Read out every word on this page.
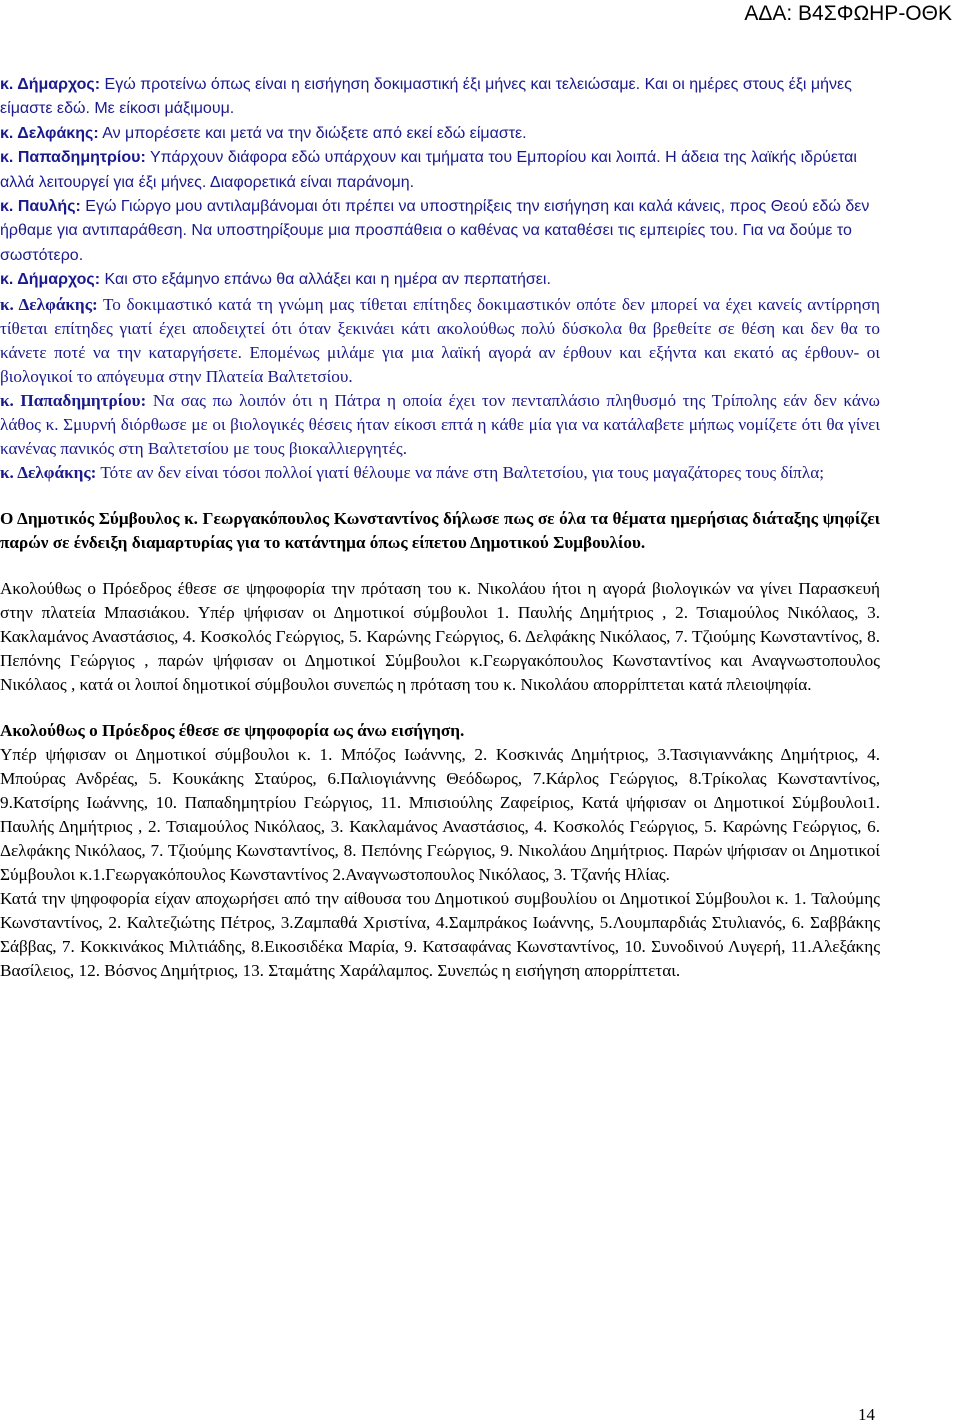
ΑΔΑ: Β4ΣΦΩΗΡ-ΟΘΚ

κ. Δήμαρχος: Εγώ προτείνω όπως είναι η εισήγηση δοκιμαστική έξι μήνες και τελειώσαμε. Και οι ημέρες στους έξι μήνες είμαστε εδώ. Με είκοσι μάξιμουμ.

κ. Δελφάκης: Αν μπορέσετε και μετά να την διώξετε από εκεί εδώ είμαστε.

κ. Παπαδημητρίου: Υπάρχουν διάφορα εδώ υπάρχουν και τμήματα του Εμπορίου και λοιπά. Η άδεια της λαϊκής ιδρύεται αλλά λειτουργεί για έξι μήνες. Διαφορετικά είναι παράνομη.

κ. Παυλής: Εγώ Γιώργο μου αντιλαμβάνομαι ότι πρέπει να υποστηρίξεις την εισήγηση και καλά κάνεις, προς Θεού εδώ δεν ήρθαμε για αντιπαράθεση. Να υποστηρίξουμε μια προσπάθεια ο καθένας να καταθέσει τις εμπειρίες του. Για να δούμε το σωστότερο.

κ. Δήμαρχος: Και στο εξάμηνο επάνω θα αλλάξει και η ημέρα αν περπατήσει.

κ. Δελφάκης: Το δοκιμαστικό κατά τη γνώμη μας τίθεται επίτηδες δοκιμαστικόν οπότε δεν μπορεί να έχει κανείς αντίρρηση τίθεται επίτηδες γιατί έχει αποδειχτεί ότι όταν ξεκινάει κάτι ακολούθως πολύ δύσκολα θα βρεθείτε σε θέση και δεν θα το κάνετε ποτέ να την καταργήσετε. Επομένως μιλάμε για μια λαϊκή αγορά αν έρθουν και εξήντα και εκατό ας έρθουν- οι βιολογικοί το απόγευμα στην Πλατεία Βαλτετσίου.

κ. Παπαδημητρίου: Να σας πω λοιπόν ότι η Πάτρα η οποία έχει τον πενταπλάσιο πληθυσμό της Τρίπολης εάν δεν κάνω λάθος κ. Σμυρνή διόρθωσε με οι βιολογικές θέσεις ήταν είκοσι επτά η κάθε μία για να κατάλαβετε μήπως νομίζετε ότι θα γίνει κανένας πανικός στη Βαλτετσίου με τους βιοκαλλιεργητές.

κ. Δελφάκης: Τότε αν δεν είναι τόσοι πολλοί γιατί θέλουμε να πάνε στη Βαλτετσίου, για τους μαγαζάτορες τους δίπλα;

Ο Δημοτικός Σύμβουλος κ. Γεωργακόπουλος Κωνσταντίνος δήλωσε πως σε όλα τα θέματα ημερήσιας διάταξης ψηφίζει παρών σε ένδειξη διαμαρτυρίας για το κατάντημα όπως είπετου Δημοτικού Συμβουλίου.

Ακολούθως ο Πρόεδρος έθεσε σε ψηφοφορία την πρόταση του κ. Νικολάου ήτοι η αγορά βιολογικών να γίνει Παρασκευή στην πλατεία Μπασιάκου. Υπέρ ψήφισαν οι Δημοτικοί σύμβουλοι 1. Παυλής Δημήτριος , 2. Τσιαμούλος Νικόλαος, 3. Κακλαμάνος Αναστάσιος, 4. Κοσκολός Γεώργιος, 5. Καρώνης Γεώργιος, 6. Δελφάκης Νικόλαος, 7. Τζιούμης Κωνσταντίνος, 8. Πεπόνης Γεώργιος , παρών ψήφισαν οι Δημοτικοί Σύμβουλοι κ.Γεωργακόπουλος Κωνσταντίνος και Αναγνωστοπουλος Νικόλαος , κατά οι λοιποί δημοτικοί σύμβουλοι συνεπώς η πρόταση του κ. Νικολάου απορρίπτεται κατά πλειοψηφία.

Ακολούθως ο Πρόεδρος έθεσε σε ψηφοφορία ως άνω εισήγηση.

Υπέρ ψήφισαν οι Δημοτικοί σύμβουλοι κ. 1. Μπόζος Ιωάννης, 2. Κοσκινάς Δημήτριος, 3.Τασιγιαννάκης Δημήτριος, 4. Μπούρας Ανδρέας, 5. Κουκάκης Σταύρος, 6.Παλιογιάννης Θεόδωρος, 7.Κάρλος Γεώργιος, 8.Τρίκολας Κωνσταντίνος, 9.Κατσίρης Ιωάννης, 10. Παπαδημητρίου Γεώργιος, 11. Μπισιούλης Ζαφείριος, Κατά ψήφισαν οι Δημοτικοί Σύμβουλοι1. Παυλής Δημήτριος , 2. Τσιαμούλος Νικόλαος, 3. Κακλαμάνος Αναστάσιος, 4. Κοσκολός Γεώργιος, 5. Καρώνης Γεώργιος, 6. Δελφάκης Νικόλαος, 7. Τζιούμης Κωνσταντίνος, 8. Πεπόνης Γεώργιος, 9. Νικολάου Δημήτριος. Παρών ψήφισαν οι Δημοτικοί Σύμβουλοι κ.1.Γεωργακόπουλος Κωνσταντίνος 2.Αναγνωστοπουλος Νικόλαος, 3. Τζανής Ηλίας.

Κατά την ψηφοφορία είχαν αποχωρήσει από την αίθουσα του Δημοτικού συμβουλίου οι Δημοτικοί Σύμβουλοι κ. 1. Ταλούμης Κωνσταντίνος, 2. Καλτεζιώτης Πέτρος, 3.Ζαμπαθά Χριστίνα, 4.Σαμπράκος Ιωάννης, 5.Λουμπαρδιάς Στυλιανός, 6. Σαββάκης Σάββας, 7. Κοκκινάκος Μιλτιάδης, 8.Εικοσιδέκα Μαρία, 9. Κατσαφάνας Κωνσταντίνος, 10. Συνοδινού Λυγερή, 11.Αλεξάκης Βασίλειος, 12. Βόσνος Δημήτριος, 13. Σταμάτης Χαράλαμπος. Συνεπώς η εισήγηση απορρίπτεται.

14
